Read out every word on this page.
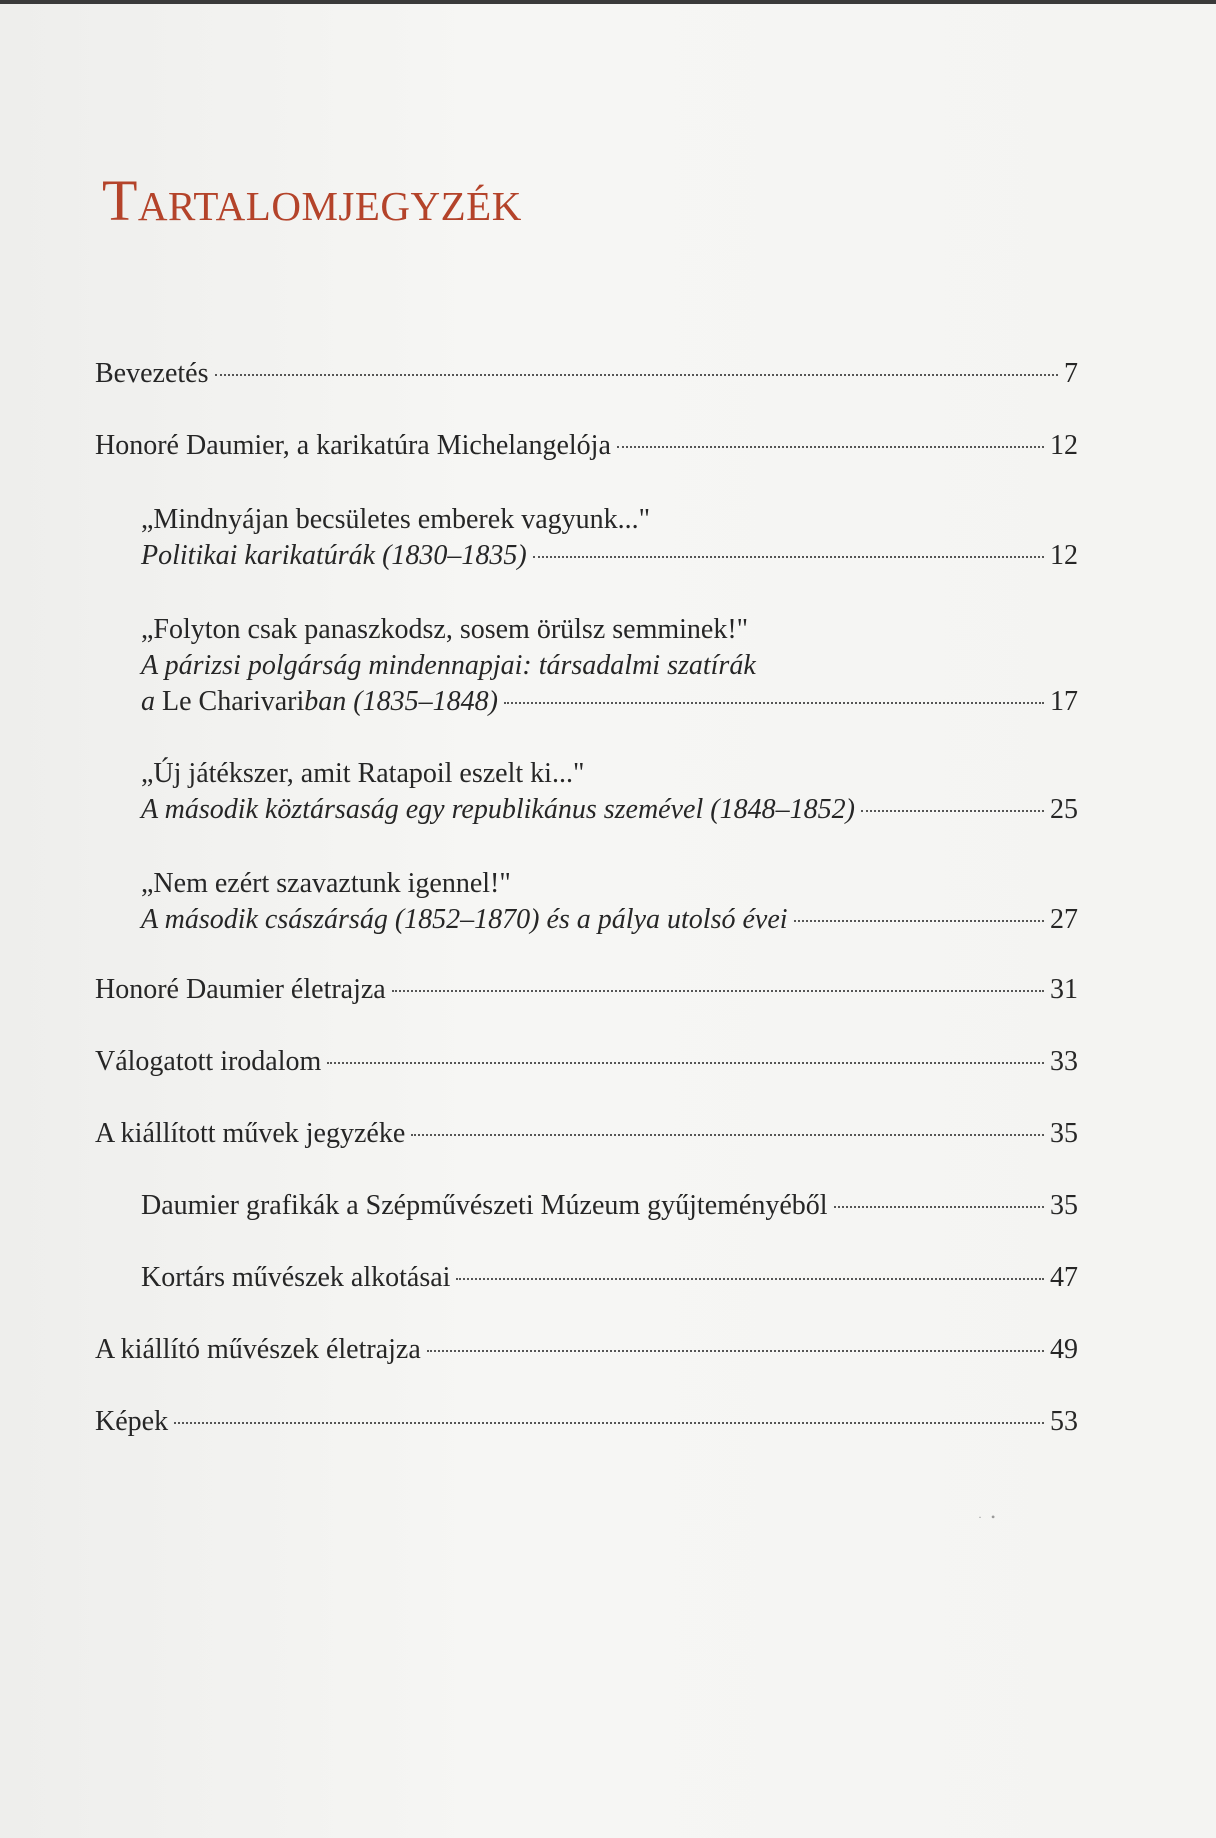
Tartalomjegyzék
Bevezetés	7
Honoré Daumier, a karikatúra Michelangelója	12
„Mindnyájan becsületes emberek vagyunk..."
Politikai karikatúrák (1830–1835)	12
„Folyton csak panaszkodsz, sosem örülsz semminek!"
A párizsi polgárság mindennapjai: társadalmi szatírák
a Le Charivariban (1835–1848)	17
„Új játékszer, amit Ratapoil eszelt ki..."
A második köztársaság egy republikánus szemével (1848–1852)	25
„Nem ezért szavaztunk igennel!"
A második császárság (1852–1870) és a pálya utolsó évei	27
Honoré Daumier életrajza	31
Válogatott irodalom	33
A kiállított művek jegyzéke	35
Daumier grafikák a Szépművészeti Múzeum gyűjteményéből	35
Kortárs művészek alkotásai	47
A kiállító művészek életrajza	49
Képek	53
·   •
